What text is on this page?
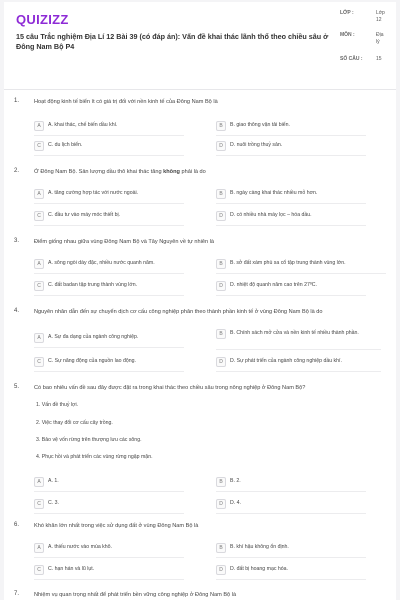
QUIZIZZ
15 câu Trắc nghiệm Địa Lí 12 Bài 39 (có đáp án): Vấn đề khai thác lãnh thổ theo chiều sâu ở Đông Nam Bộ P4
LỚP :	Lớp 12
MÔN :	Địa lý
SỐ CÂU :	15
1.	Hoạt động kinh tế biển ít có giá trị đối với nền kinh tế của Đông Nam Bộ là
A	A. khai thác, chế biến dầu khí.	B	B. giao thông vận tải biển.
C	C. du lịch biển.	D	D. nuôi trồng thuỷ sản.
2.	Ở Đông Nam Bộ. Sản lượng dầu thô khai thác tăng không phải là do
A	A. tăng cường hợp tác với nước ngoài.	B	B. ngày càng khai thác nhiều mỏ hơn.
C	C. đầu tư vào máy móc thiết bị.	D	D. có nhiều nhà máy lọc – hóa dầu.
3.	Điểm giống nhau giữa vùng Đông Nam Bộ và Tây Nguyên về tự nhiên là
A	A. sông ngòi dày đặc, nhiều nước quanh năm.	B	B. sở đất xám phù sa cổ tập trung thành vùng lớn.
C	C. đất badan tập trung thành vùng lớn.	D	D. nhiệt độ quanh năm cao trên 27ºC.
4.	Nguyên nhân dẫn đến sự chuyển dịch cơ cấu công nghiệp phân theo thành phần kinh tế ở vùng Đông Nam Bộ là do
A	A. Sự đa dạng của ngành công nghiệp.	B	B. Chính sách mở cửa và nền kinh tế nhiều thành phần.
C	C. Sự năng động của nguồn lao động.	D	D. Sự phát triển của ngành công nghiệp dầu khí.
5.	Có bao nhiêu vấn đề sau đây được đặt ra trong khai thác theo chiều sâu trong nông nghiệp ở Đông Nam Bộ?
1. Vấn đề thuỷ lợi.
2. Việc thay đổi cơ cấu cây trồng.
3. Bảo vệ vốn rừng trên thượng lưu các sông.
4. Phục hồi và phát triển các vùng rừng ngập mặn.
A	A. 1.	B	B. 2.
C	C. 3.	D	D. 4.
6.	Khó khăn lớn nhất trong việc sử dụng đất ở vùng Đông Nam Bộ là
A	A. thiếu nước vào mùa khô.	B	B. khí hậu không ổn định.
C	C. hạn hán và lũ lụt.	D	D. đất bị hoang mạc hóa.
7.	Nhiệm vụ quan trọng nhất để phát triển bền vững công nghiệp ở Đông Nam Bộ là
